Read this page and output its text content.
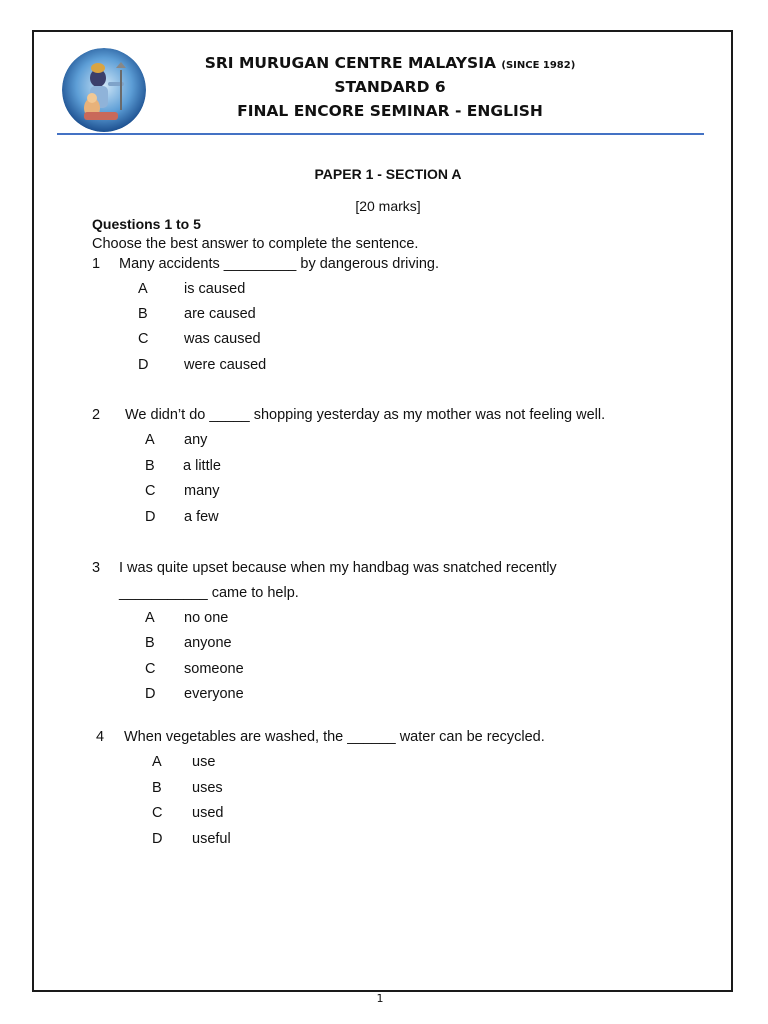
SRI MURUGAN CENTRE MALAYSIA (SINCE 1982)
STANDARD 6
FINAL ENCORE SEMINAR - ENGLISH
PAPER 1 - SECTION A
[20 marks]
Questions 1 to 5
Choose the best answer to complete the sentence.
1 Many accidents _________ by dangerous driving.
A	is caused
B	are caused
C was caused
D were caused
2 We didn’t do _____ shopping yesterday as my mother was not feeling well.
A any
B a little
C many
D a few
3 I was quite upset because when my handbag was snatched recently
___________ came to help.
A no one
B anyone
C someone
D everyone
4 When vegetables are washed, the ______ water can be recycled.
A use
B uses
C used
D useful
1
